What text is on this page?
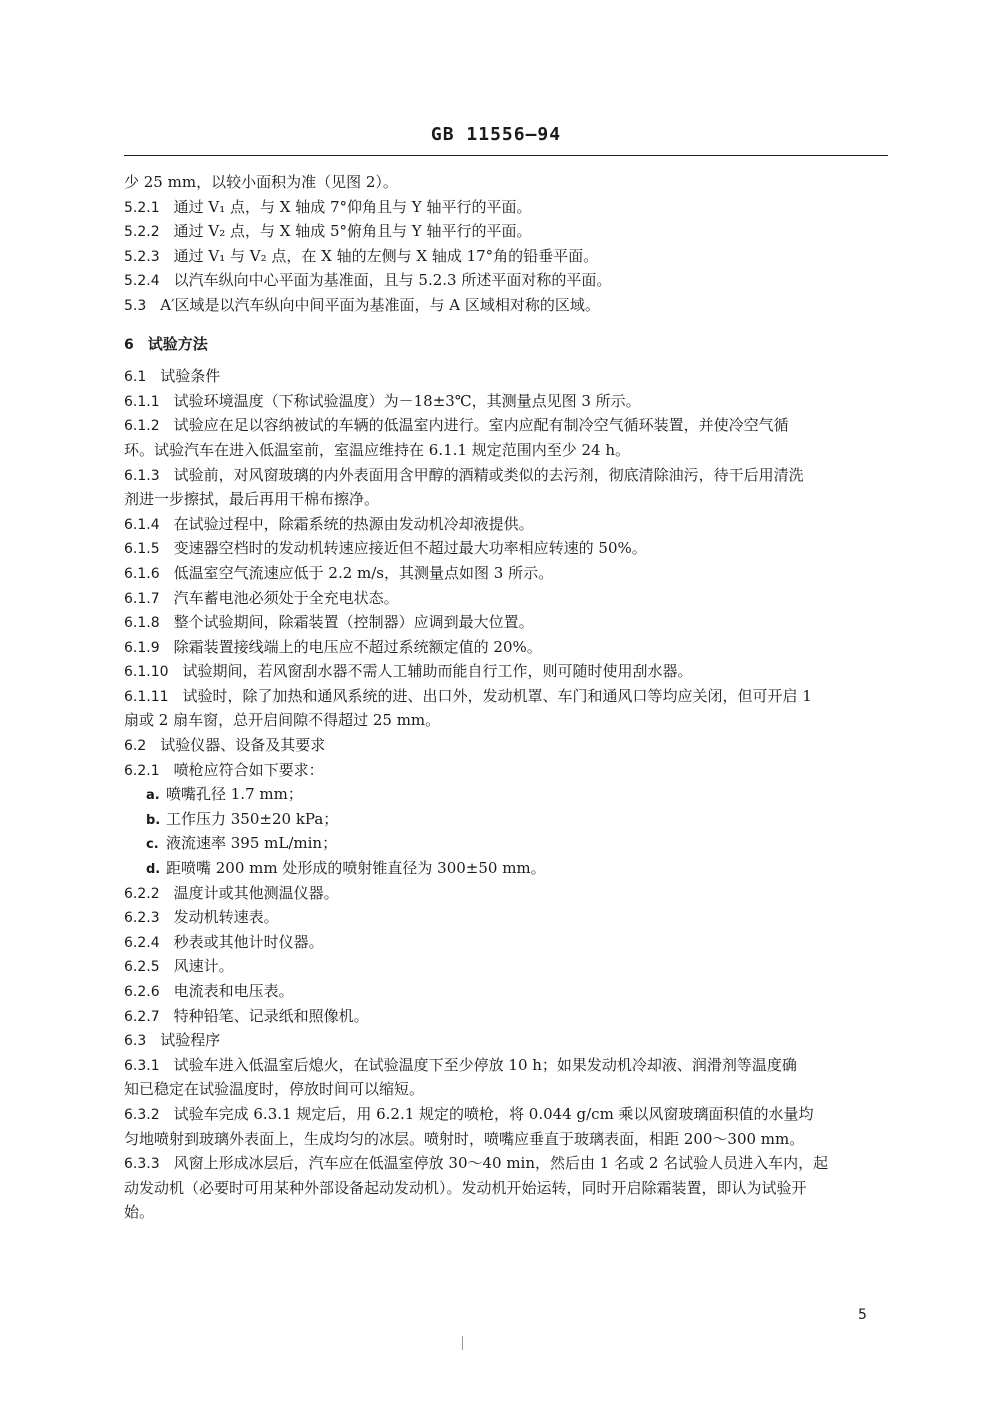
GB 11556—94
少 25 mm，以较小面积为准（见图 2）。
5.2.1 通过 V₁ 点，与 X 轴成 7°仰角且与 Y 轴平行的平面。
5.2.2 通过 V₂ 点，与 X 轴成 5°俯角且与 Y 轴平行的平面。
5.2.3 通过 V₁ 与 V₂ 点，在 X 轴的左侧与 X 轴成 17°角的铅垂平面。
5.2.4 以汽车纵向中心平面为基准面，且与 5.2.3 所述平面对称的平面。
5.3 A′区域是以汽车纵向中间平面为基准面，与 A 区域相对称的区域。
6 试验方法
6.1 试验条件
6.1.1 试验环境温度（下称试验温度）为－18±3℃，其测量点见图 3 所示。
6.1.2 试验应在足以容纳被试的车辆的低温室内进行。室内应配有制冷空气循环装置，并使冷空气循
环。试验汽车在进入低温室前，室温应维持在 6.1.1 规定范围内至少 24 h。
6.1.3 试验前，对风窗玻璃的内外表面用含甲醇的酒精或类似的去污剂，彻底清除油污，待干后用清洗
剂进一步擦拭，最后再用干棉布擦净。
6.1.4 在试验过程中，除霜系统的热源由发动机冷却液提供。
6.1.5 变速器空档时的发动机转速应接近但不超过最大功率相应转速的 50%。
6.1.6 低温室空气流速应低于 2.2 m/s，其测量点如图 3 所示。
6.1.7 汽车蓄电池必须处于全充电状态。
6.1.8 整个试验期间，除霜装置（控制器）应调到最大位置。
6.1.9 除霜装置接线端上的电压应不超过系统额定值的 20%。
6.1.10 试验期间，若风窗刮水器不需人工辅助而能自行工作，则可随时使用刮水器。
6.1.11 试验时，除了加热和通风系统的进、出口外，发动机罩、车门和通风口等均应关闭，但可开启 1
扇或 2 扇车窗，总开启间隙不得超过 25 mm。
6.2 试验仪器、设备及其要求
6.2.1 喷枪应符合如下要求：
a. 喷嘴孔径 1.7 mm；
b. 工作压力 350±20 kPa；
c. 液流速率 395 mL/min；
d. 距喷嘴 200 mm 处形成的喷射锥直径为 300±50 mm。
6.2.2 温度计或其他测温仪器。
6.2.3 发动机转速表。
6.2.4 秒表或其他计时仪器。
6.2.5 风速计。
6.2.6 电流表和电压表。
6.2.7 特种铅笔、记录纸和照像机。
6.3 试验程序
6.3.1 试验车进入低温室后熄火，在试验温度下至少停放 10 h；如果发动机冷却液、润滑剂等温度确
知已稳定在试验温度时，停放时间可以缩短。
6.3.2 试验车完成 6.3.1 规定后，用 6.2.1 规定的喷枪，将 0.044 g/cm 乘以风窗玻璃面积值的水量均
匀地喷射到玻璃外表面上，生成均匀的冰层。喷射时，喷嘴应垂直于玻璃表面，相距 200～300 mm。
6.3.3 风窗上形成冰层后，汽车应在低温室停放 30～40 min，然后由 1 名或 2 名试验人员进入车内，起
动发动机（必要时可用某种外部设备起动发动机）。发动机开始运转，同时开启除霜装置，即认为试验开
始。
5
